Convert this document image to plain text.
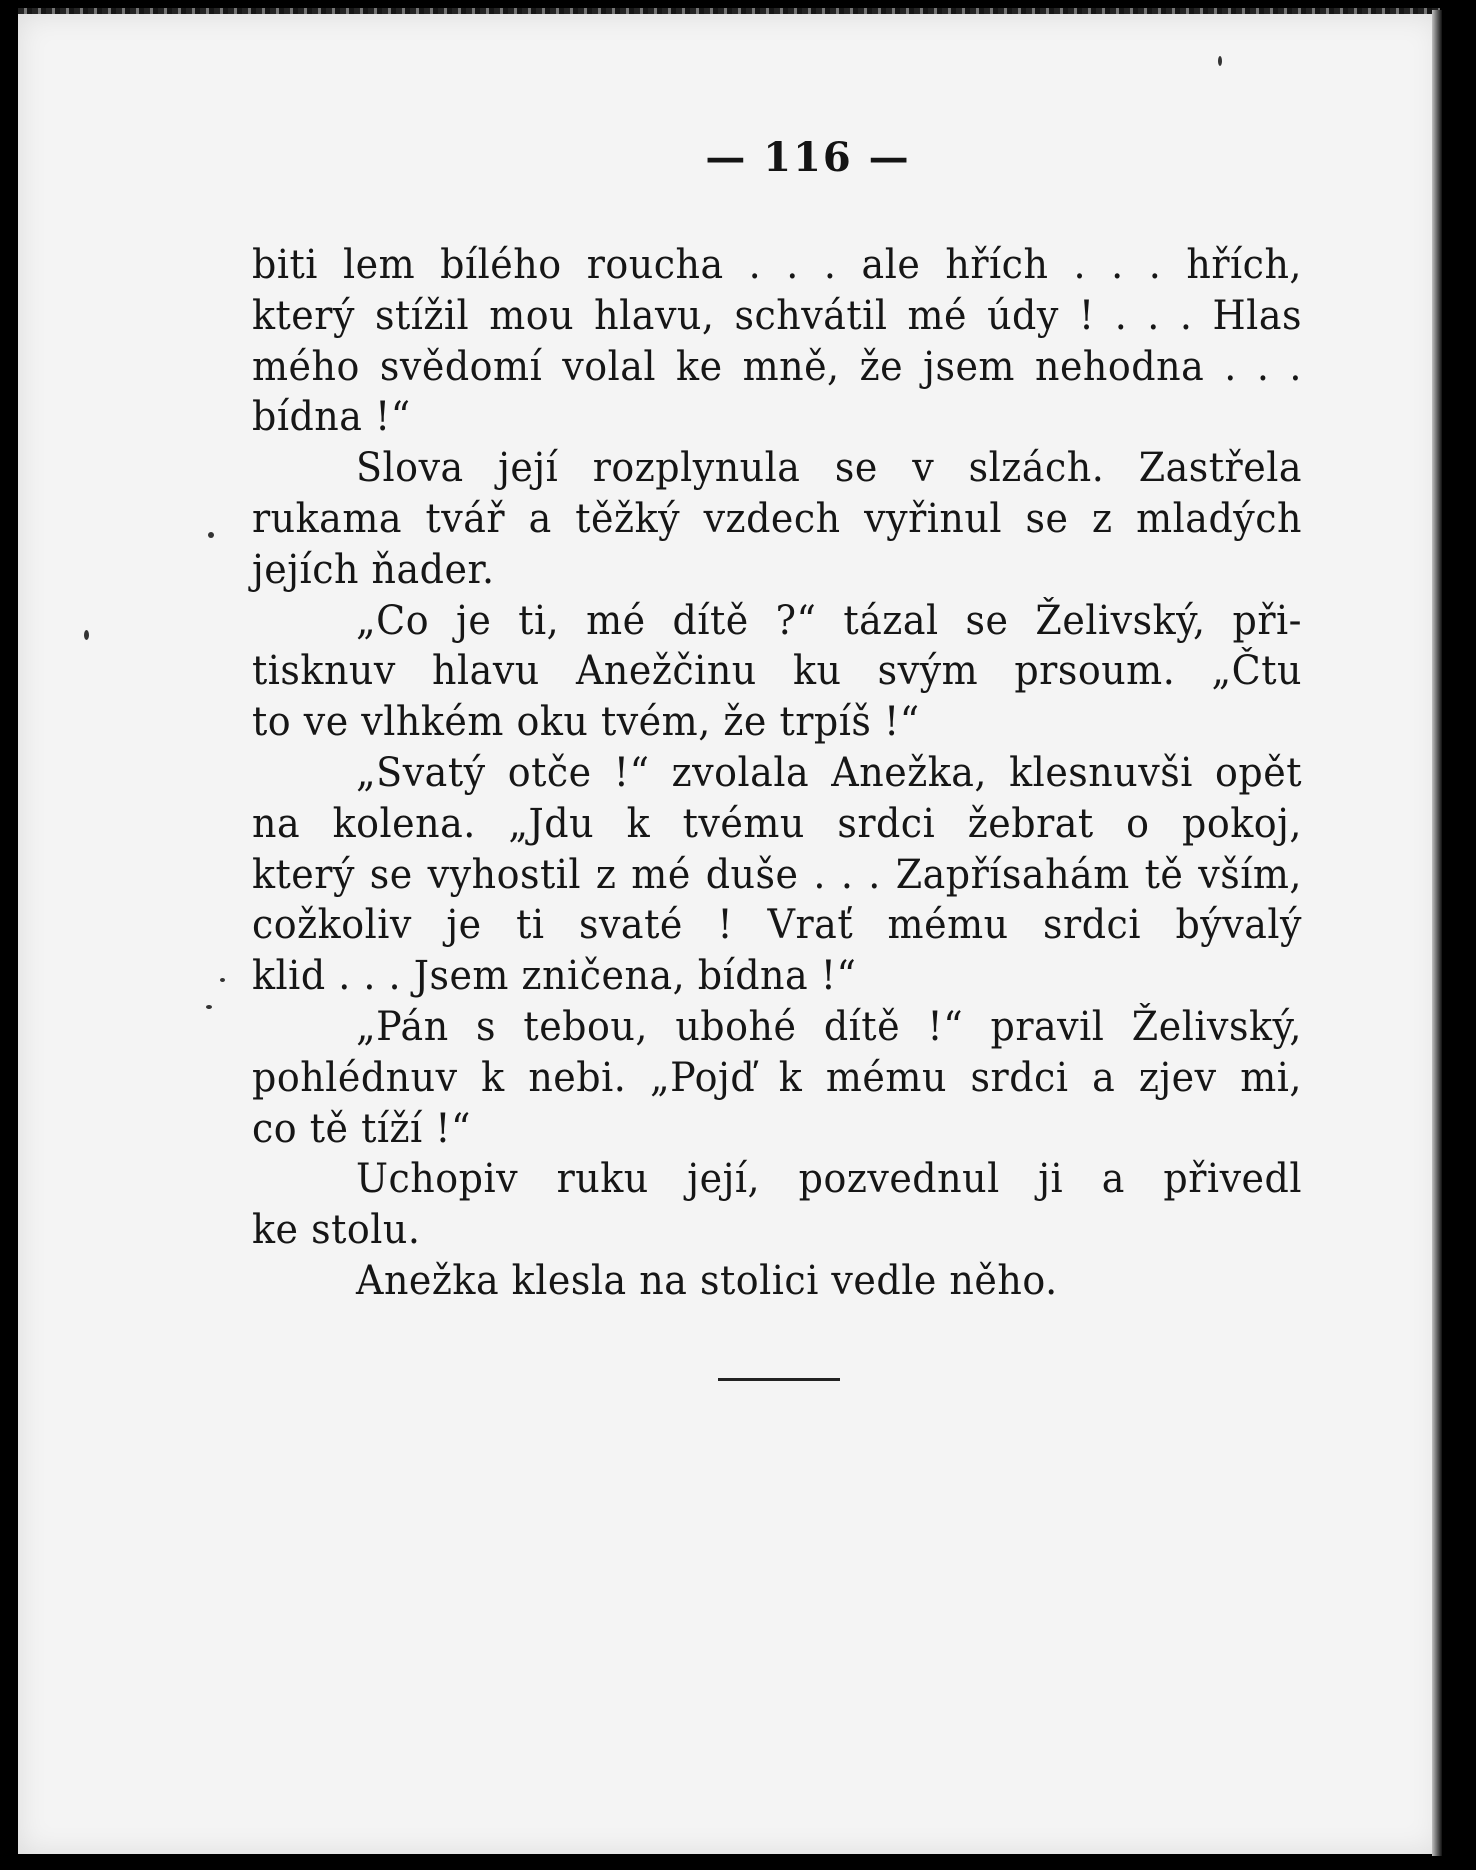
— 116 —
biti lem bílého roucha . . . ale hřích . . . hřích,
který stížil mou hlavu, schvátil mé údy ! . . . Hlas
mého svědomí volal ke mně, že jsem nehodna . . .
bídna !“
Slova její rozplynula se v slzách. Zastřela
rukama tvář a těžký vzdech vyřinul se z mladých
jejích ňader.
„Co je ti, mé dítě ?“ tázal se Želivský, při-
tisknuv hlavu Anežčinu ku svým prsoum. „Čtu
to ve vlhkém oku tvém, že trpíš !“
„Svatý otče !“ zvolala Anežka, klesnuvši opět
na kolena. „Jdu k tvému srdci žebrat o pokoj,
který se vyhostil z mé duše . . . Zapřísahám tě vším,
cožkoliv je ti svaté ! Vrať mému srdci bývalý
klid . . . Jsem zničena, bídna !“
„Pán s tebou, ubohé dítě !“ pravil Želivský,
pohlédnuv k nebi. „Pojď k mému srdci a zjev mi,
co tě tíží !“
Uchopiv ruku její, pozvednul ji a přivedl
ke stolu.
Anežka klesla na stolici vedle něho.
